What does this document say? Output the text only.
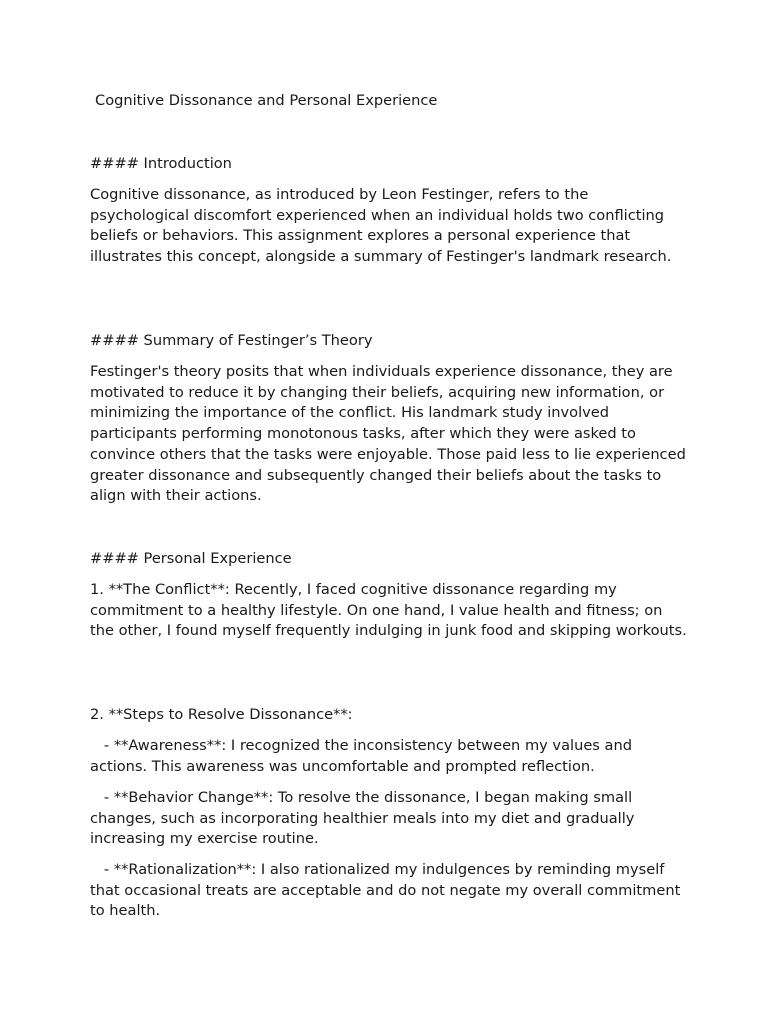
Cognitive Dissonance and Personal Experience
#### Introduction

Cognitive dissonance, as introduced by Leon Festinger, refers to the psychological discomfort experienced when an individual holds two conflicting beliefs or behaviors. This assignment explores a personal experience that illustrates this concept, alongside a summary of Festinger's landmark research.

#### Summary of Festinger’s Theory

Festinger's theory posits that when individuals experience dissonance, they are motivated to reduce it by changing their beliefs, acquiring new information, or minimizing the importance of the conflict. His landmark study involved participants performing monotonous tasks, after which they were asked to convince others that the tasks were enjoyable. Those paid less to lie experienced greater dissonance and subsequently changed their beliefs about the tasks to align with their actions.

#### Personal Experience

1. **The Conflict**: Recently, I faced cognitive dissonance regarding my commitment to a healthy lifestyle. On one hand, I value health and fitness; on the other, I found myself frequently indulging in junk food and skipping workouts.

2. **Steps to Resolve Dissonance**:
- **Awareness**: I recognized the inconsistency between my values and actions. This awareness was uncomfortable and prompted reflection.
- **Behavior Change**: To resolve the dissonance, I began making small changes, such as incorporating healthier meals into my diet and gradually increasing my exercise routine.
- **Rationalization**: I also rationalized my indulgences by reminding myself that occasional treats are acceptable and do not negate my overall commitment to health.
